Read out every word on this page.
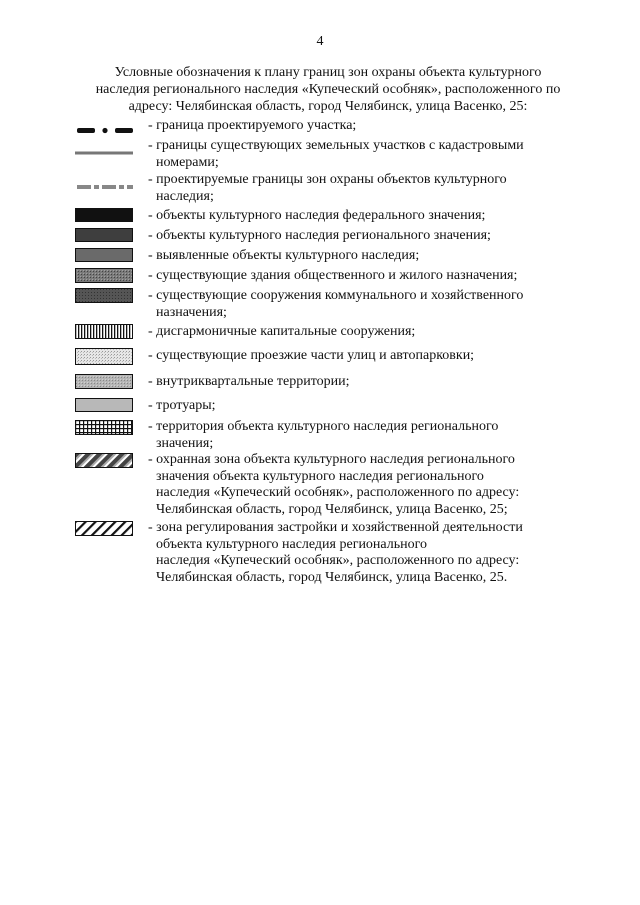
4
Условные обозначения к плану границ зон охраны объекта культурного
наследия регионального наследия «Купеческий особняк», расположенного по
адресу: Челябинская область, город Челябинск, улица Васенко, 25:
- граница проектируемого участка;
- границы существующих земельных участков с кадастровыми
номерами;
- проектируемые границы зон охраны объектов культурного
наследия;
- объекты культурного наследия федерального значения;
- объекты культурного наследия регионального значения;
- выявленные объекты культурного наследия;
- существующие здания общественного и жилого назначения;
- существующие сооружения коммунального и хозяйственного
назначения;
- дисгармоничные капитальные сооружения;
- существующие проезжие части улиц и автопарковки;
- внутриквартальные территории;
- тротуары;
- территория объекта культурного наследия регионального
значения;
- охранная зона объекта культурного наследия регионального
значения объекта культурного наследия регионального
наследия «Купеческий особняк», расположенного по адресу:
Челябинская область, город Челябинск, улица Васенко, 25;
- зона регулирования застройки и хозяйственной деятельности
объекта культурного наследия регионального
наследия «Купеческий особняк», расположенного по адресу:
Челябинская область, город Челябинск, улица Васенко, 25.
